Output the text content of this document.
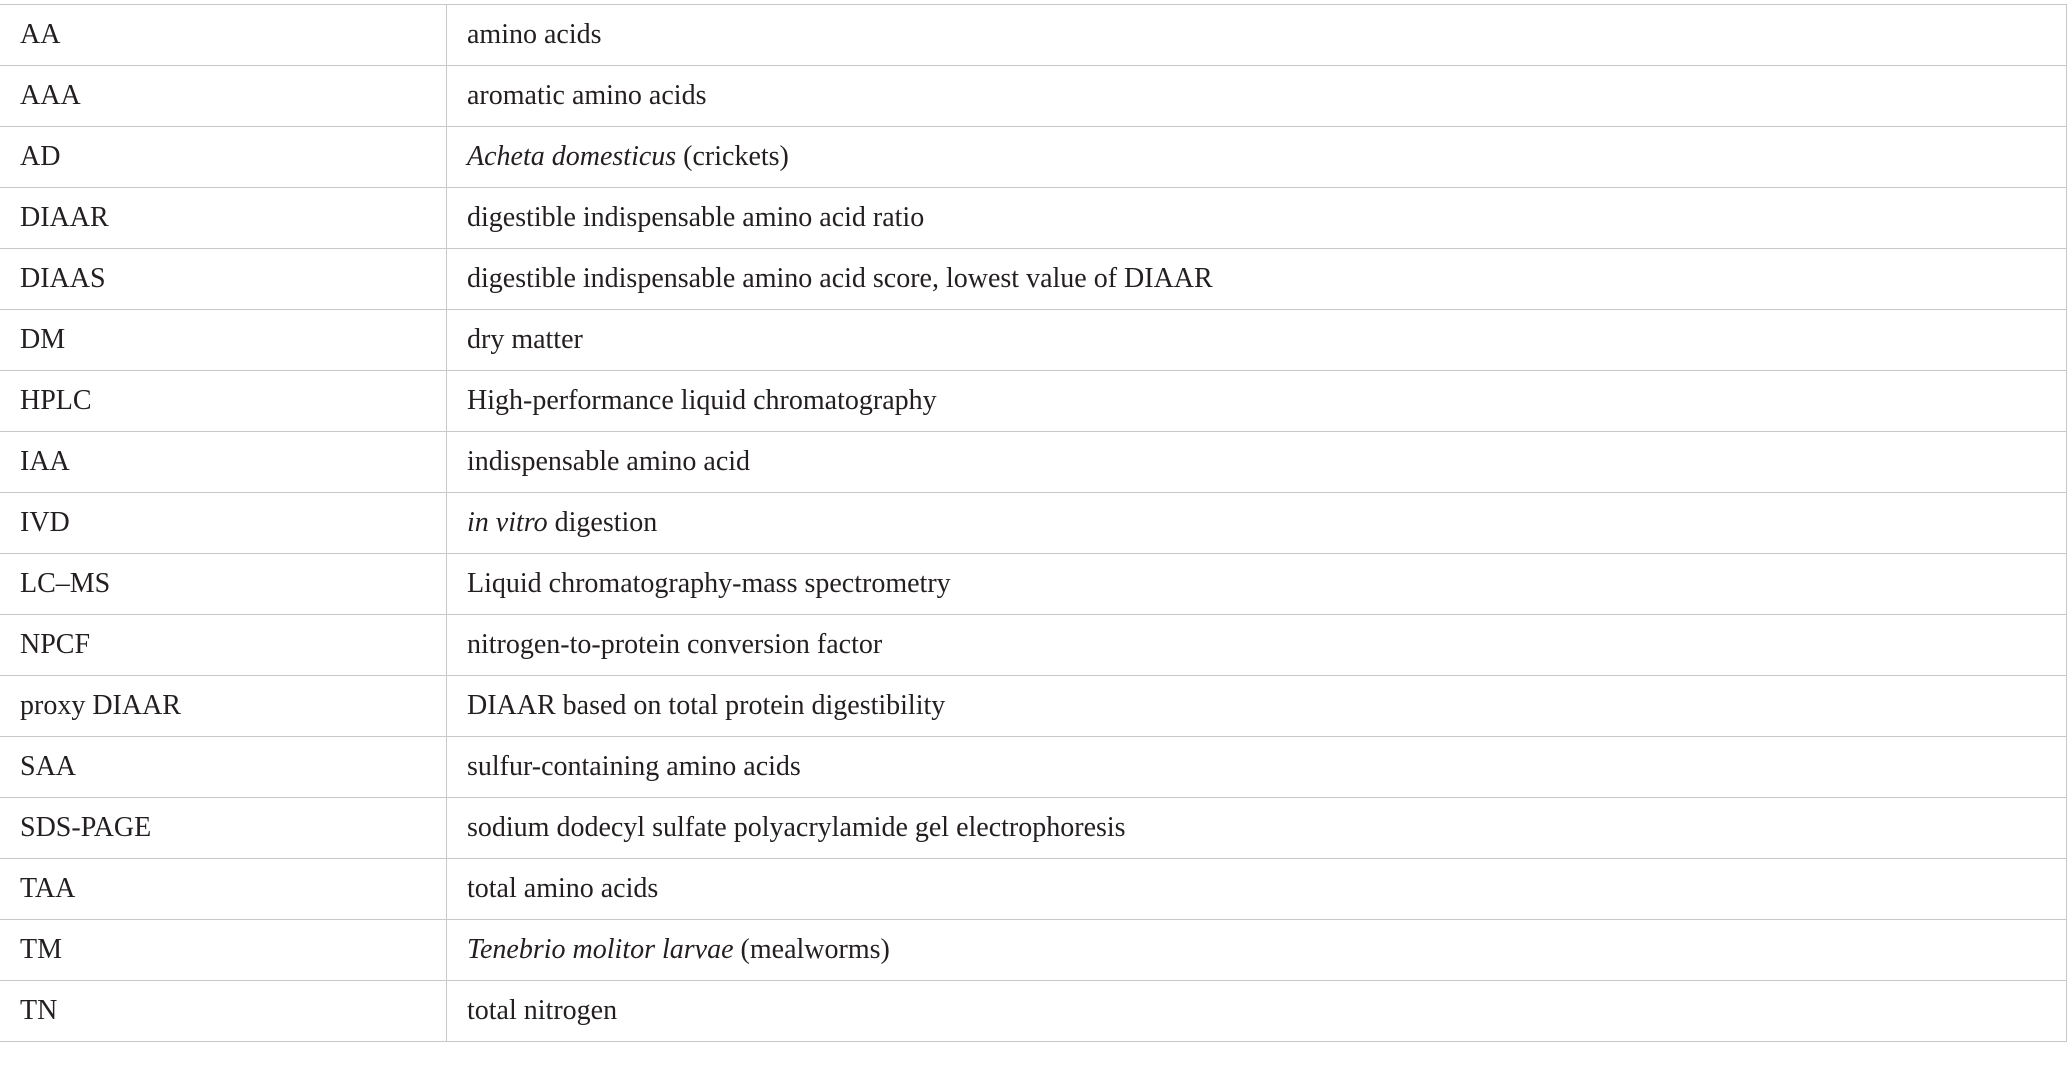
AA	amino acids
AAA	aromatic amino acids
AD	Acheta domesticus (crickets)
DIAAR	digestible indispensable amino acid ratio
DIAAS	digestible indispensable amino acid score, lowest value of DIAAR
DM	dry matter
HPLC	High-performance liquid chromatography
IAA	indispensable amino acid
IVD	in vitro digestion
LC–MS	Liquid chromatography-mass spectrometry
NPCF	nitrogen-to-protein conversion factor
proxy DIAAR	DIAAR based on total protein digestibility
SAA	sulfur-containing amino acids
SDS-PAGE	sodium dodecyl sulfate polyacrylamide gel electrophoresis
TAA	total amino acids
TM	Tenebrio molitor larvae (mealworms)
TN	total nitrogen
